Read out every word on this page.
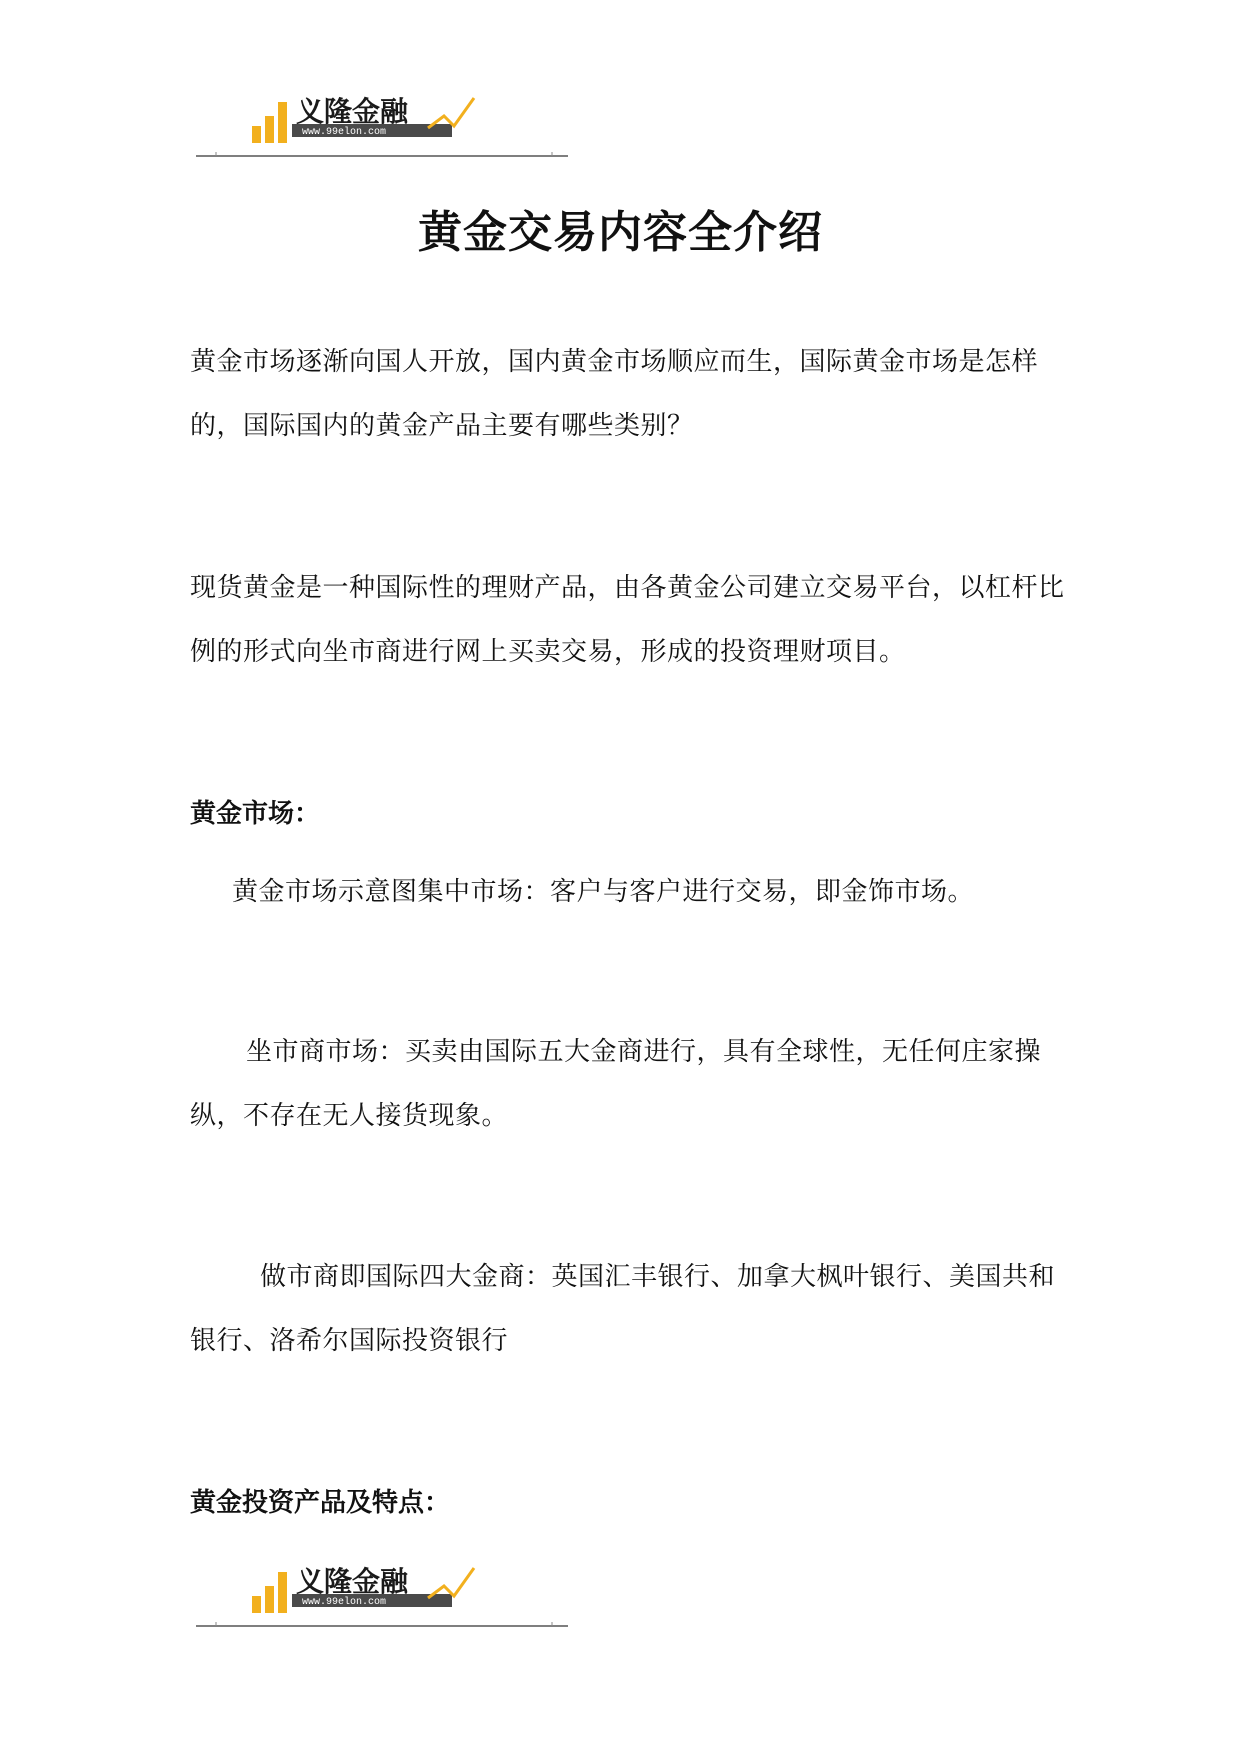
义隆金融
www.99elon.com
黄金交易内容全介绍

黄金市场逐渐向国人开放，国内黄金市场顺应而生，国际黄金市场是怎样的，国际国内的黄金产品主要有哪些类别？

现货黄金是一种国际性的理财产品，由各黄金公司建立交易平台，以杠杆比例的形式向坐市商进行网上买卖交易，形成的投资理财项目。

黄金市场：

黄金市场示意图集中市场：客户与客户进行交易，即金饰市场。

坐市商市场：买卖由国际五大金商进行，具有全球性，无任何庄家操纵，不存在无人接货现象。

做市商即国际四大金商：英国汇丰银行、加拿大枫叶银行、美国共和银行、洛希尔国际投资银行

黄金投资产品及特点：
义隆金融
www.99elon.com
